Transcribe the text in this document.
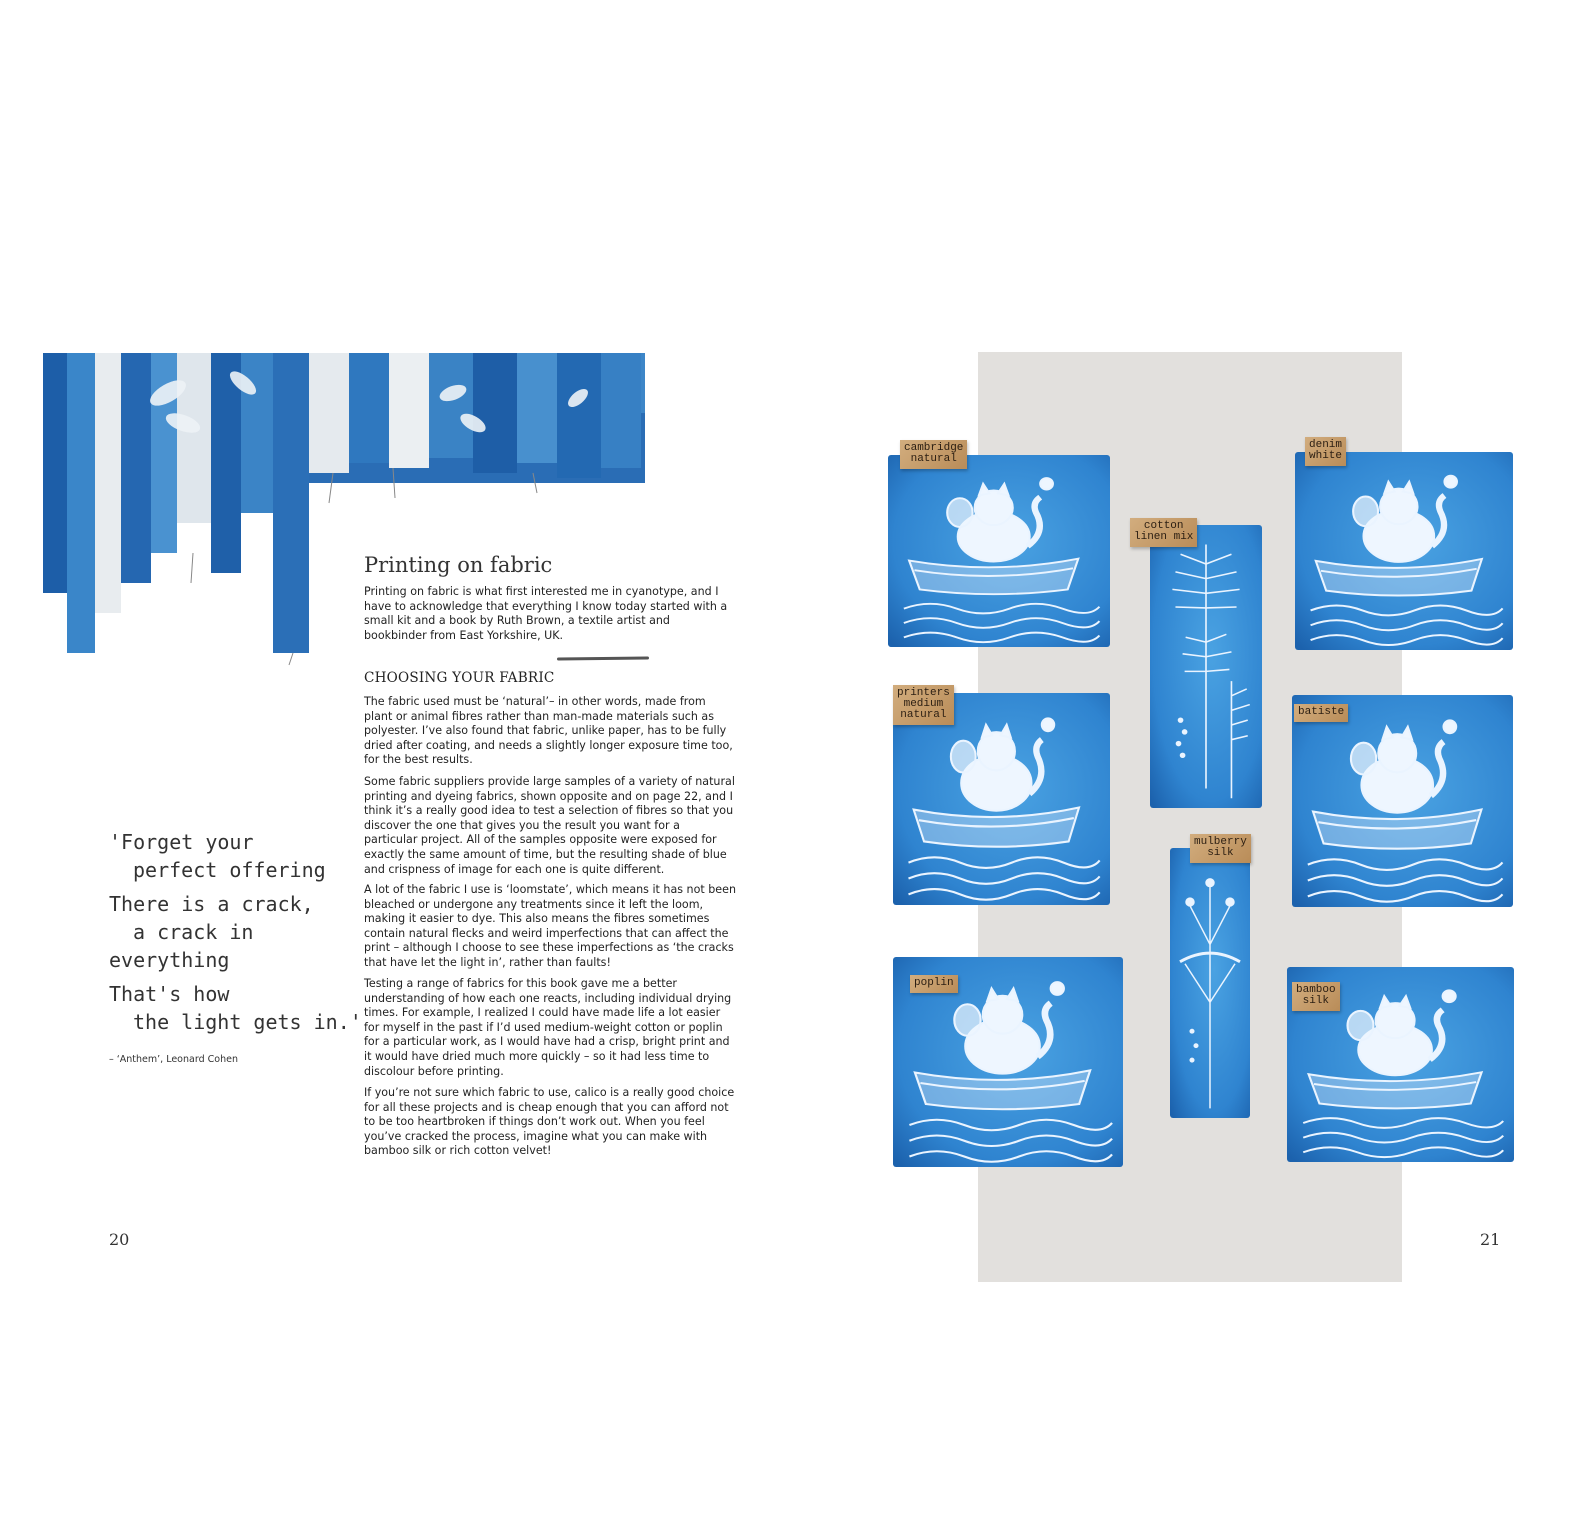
Printing on fabric

Printing on fabric is what first interested me in cyanotype, and I have to acknowledge that everything I know today started with a small kit and a book by Ruth Brown, a textile artist and bookbinder from East Yorkshire, UK.

CHOOSING YOUR FABRIC

The fabric used must be ‘natural’– in other words, made from plant or animal fibres rather than man-made materials such as polyester. I’ve also found that fabric, unlike paper, has to be fully dried after coating, and needs a slightly longer exposure time too, for the best results.

Some fabric suppliers provide large samples of a variety of natural printing and dyeing fabrics, shown opposite and on page 22, and I think it’s a really good idea to test a selection of fibres so that you discover the one that gives you the result you want for a particular project. All of the samples opposite were exposed for exactly the same amount of time, but the resulting shade of blue and crispness of image for each one is quite different.

A lot of the fabric I use is ‘loomstate’, which means it has not been bleached or undergone any treatments since it left the loom, making it easier to dye. This also means the fibres sometimes contain natural flecks and weird imperfections that can affect the print – although I choose to see these imperfections as ‘the cracks that have let the light in’, rather than faults!

Testing a range of fabrics for this book gave me a better understanding of how each one reacts, including individual drying times. For example, I realized I could have made life a lot easier for myself in the past if I’d used medium-weight cotton or poplin for a particular work, as I would have had a crisp, bright print and it would have dried much more quickly – so it had less time to discolour before printing.

If you’re not sure which fabric to use, calico is a really good choice for all these projects and is cheap enough that you can afford not to be too heartbroken if things don’t work out. When you feel you’ve cracked the process, imagine what you can make with bamboo silk or rich cotton velvet!

'Forget your
perfect offering
There is a crack,
a crack in
everything
That's how
the light gets in.'
– ‘Anthem’, Leonard Cohen
20
cambridge
natural
denim
white
cotton
linen mix
printers
medium
natural	batiste
mulberry
silk
poplin
bamboo
silk
21
